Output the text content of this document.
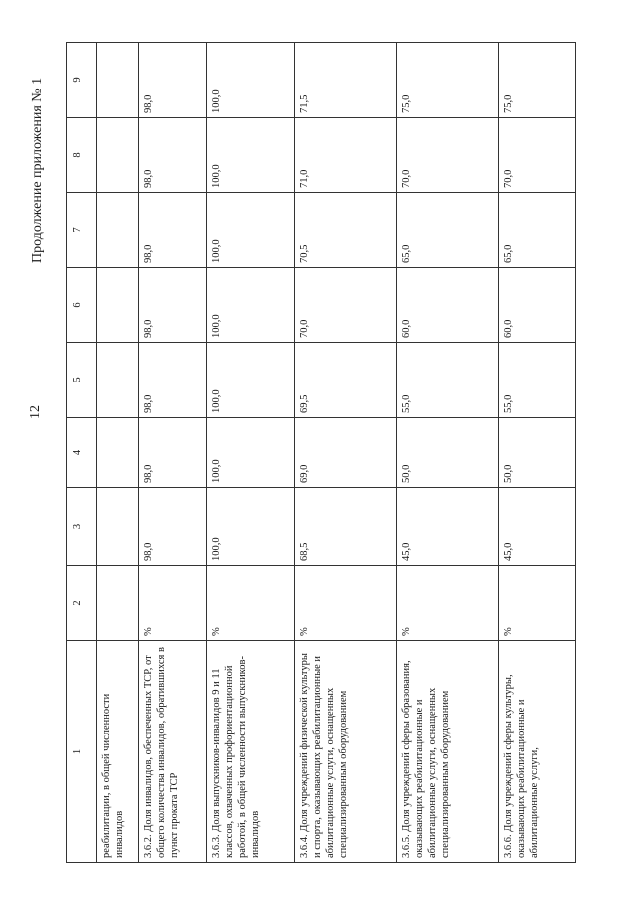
12
Продолжение приложения № 1
1	2	3	4	5	6	7	8	9
реабилитации, в общей численности инвалидов								
3.6.2. Доля инвалидов, обеспеченных ТСР, от общего количества инвалидов, обратившихся в пункт проката ТСР	%	98,0	98,0	98,0	98,0	98,0	98,0	98,0
3.6.3. Доля выпускников-инвалидов 9 и 11 классов, охваченных профориентационной работой, в общей численности выпускников-инвалидов	%	100,0	100,0	100,0	100,0	100,0	100,0	100,0
3.6.4. Доля учреждений физической культуры и спорта, оказывающих реабилитационные и абилитационные услуги, оснащенных специализированным оборудованием	%	68,5	69,0	69,5	70,0	70,5	71,0	71,5
3.6.5. Доля учреждений сферы образования, оказывающих реабилитационные и абилитационные услуги, оснащенных специализированным оборудованием	%	45,0	50,0	55,0	60,0	65,0	70,0	75,0
3.6.6. Доля учреждений сферы культуры, оказывающих реабилитационные и абилитационные услуги,	%	45,0	50,0	55,0	60,0	65,0	70,0	75,0
